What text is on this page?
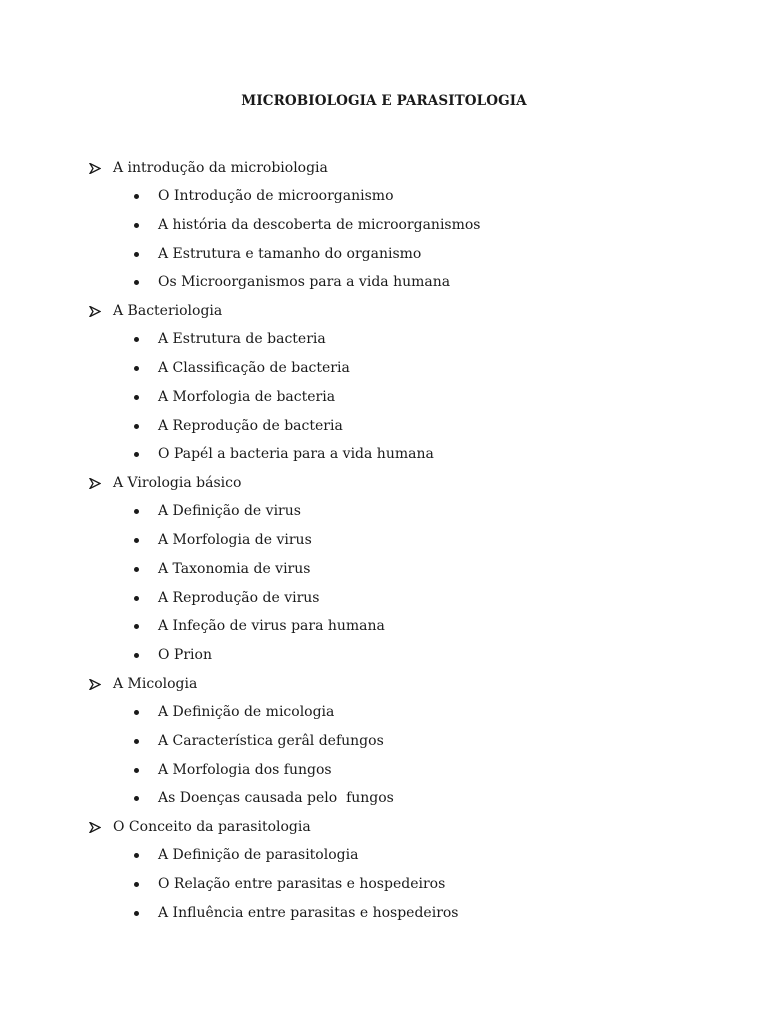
MICROBIOLOGIA E PARASITOLOGIA
A introdução da microbiologia
O Introdução de microorganismo
A história da descoberta de microorganismos
A Estrutura e tamanho do organismo
Os Microorganismos para a vida humana
A Bacteriologia
A Estrutura de bacteria
A Classificação de bacteria
A Morfologia de bacteria
A Reprodução de bacteria
O Papél a bacteria para a vida humana
A Virologia básico
A Definição de virus
A Morfologia de virus
A Taxonomia de virus
A Reprodução de virus
A Infeção de virus para humana
O Prion
A Micologia
A Definição de micologia
A Característica gerâl defungos
A Morfologia dos fungos
As Doenças causada pelo  fungos
O Conceito da parasitologia
A Definição de parasitologia
O Relação entre parasitas e hospedeiros
A Influência entre parasitas e hospedeiros
